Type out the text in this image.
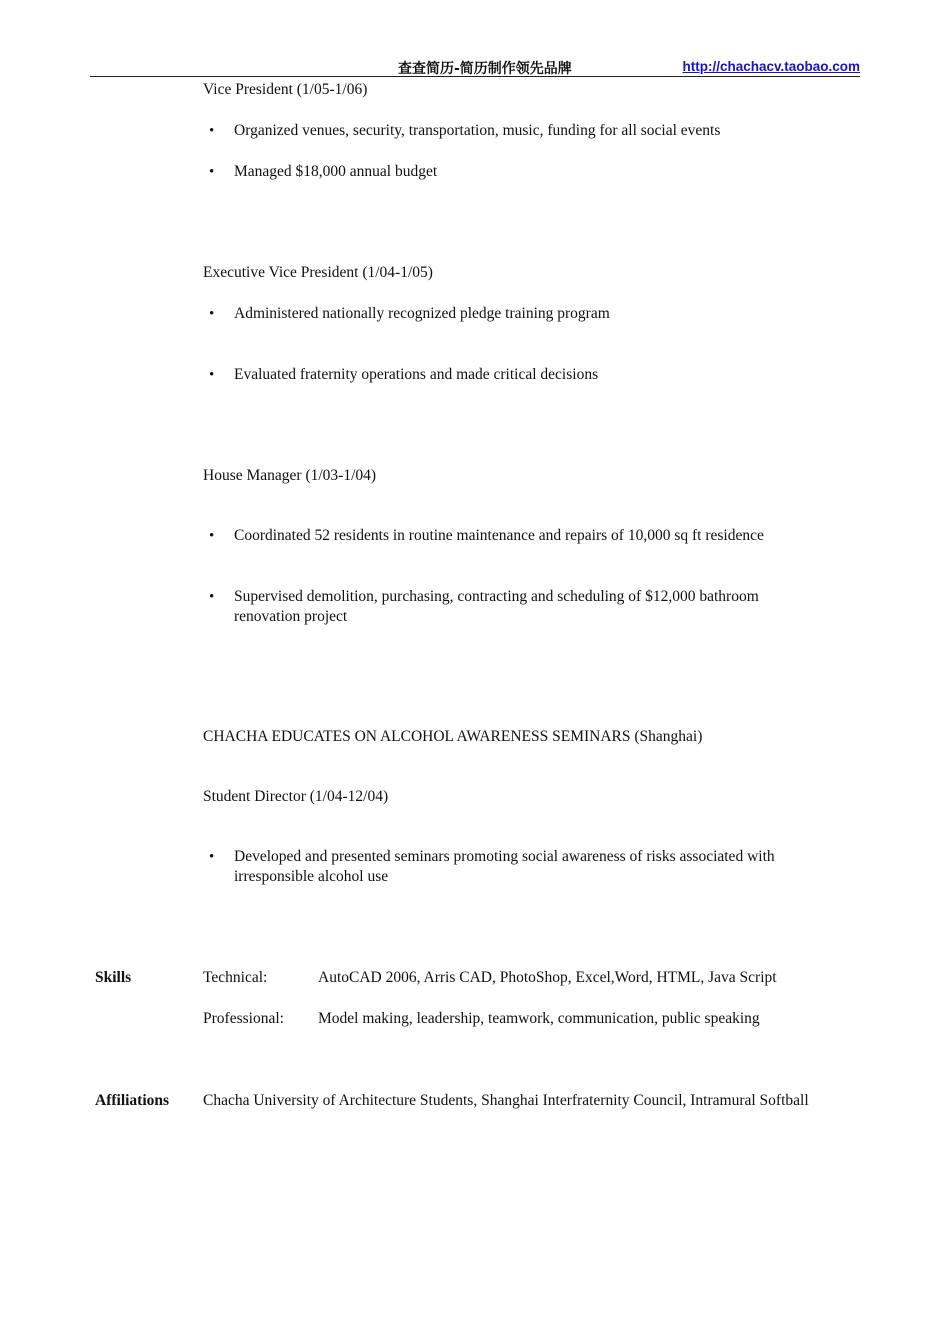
查查简历-简历制作领先品牌	http://chachacv.taobao.com
Vice President (1/05-1/06)
• Organized venues, security, transportation, music, funding for all social events
• Managed $18,000 annual budget
Executive Vice President (1/04-1/05)
• Administered nationally recognized pledge training program
• Evaluated fraternity operations and made critical decisions
House Manager (1/03-1/04)
• Coordinated 52 residents in routine maintenance and repairs of 10,000 sq ft residence
• Supervised demolition, purchasing, contracting and scheduling of $12,000 bathroom renovation project
CHACHA EDUCATES ON ALCOHOL AWARENESS SEMINARS (Shanghai)
Student Director (1/04-12/04)
• Developed and presented seminars promoting social awareness of risks associated with irresponsible alcohol use
Skills	Technical:	AutoCAD 2006, Arris CAD, PhotoShop, Excel,Word, HTML, Java Script
Professional: Model making, leadership, teamwork, communication, public speaking
Affiliations Chacha University of Architecture Students, Shanghai Interfraternity Council, Intramural Softball
